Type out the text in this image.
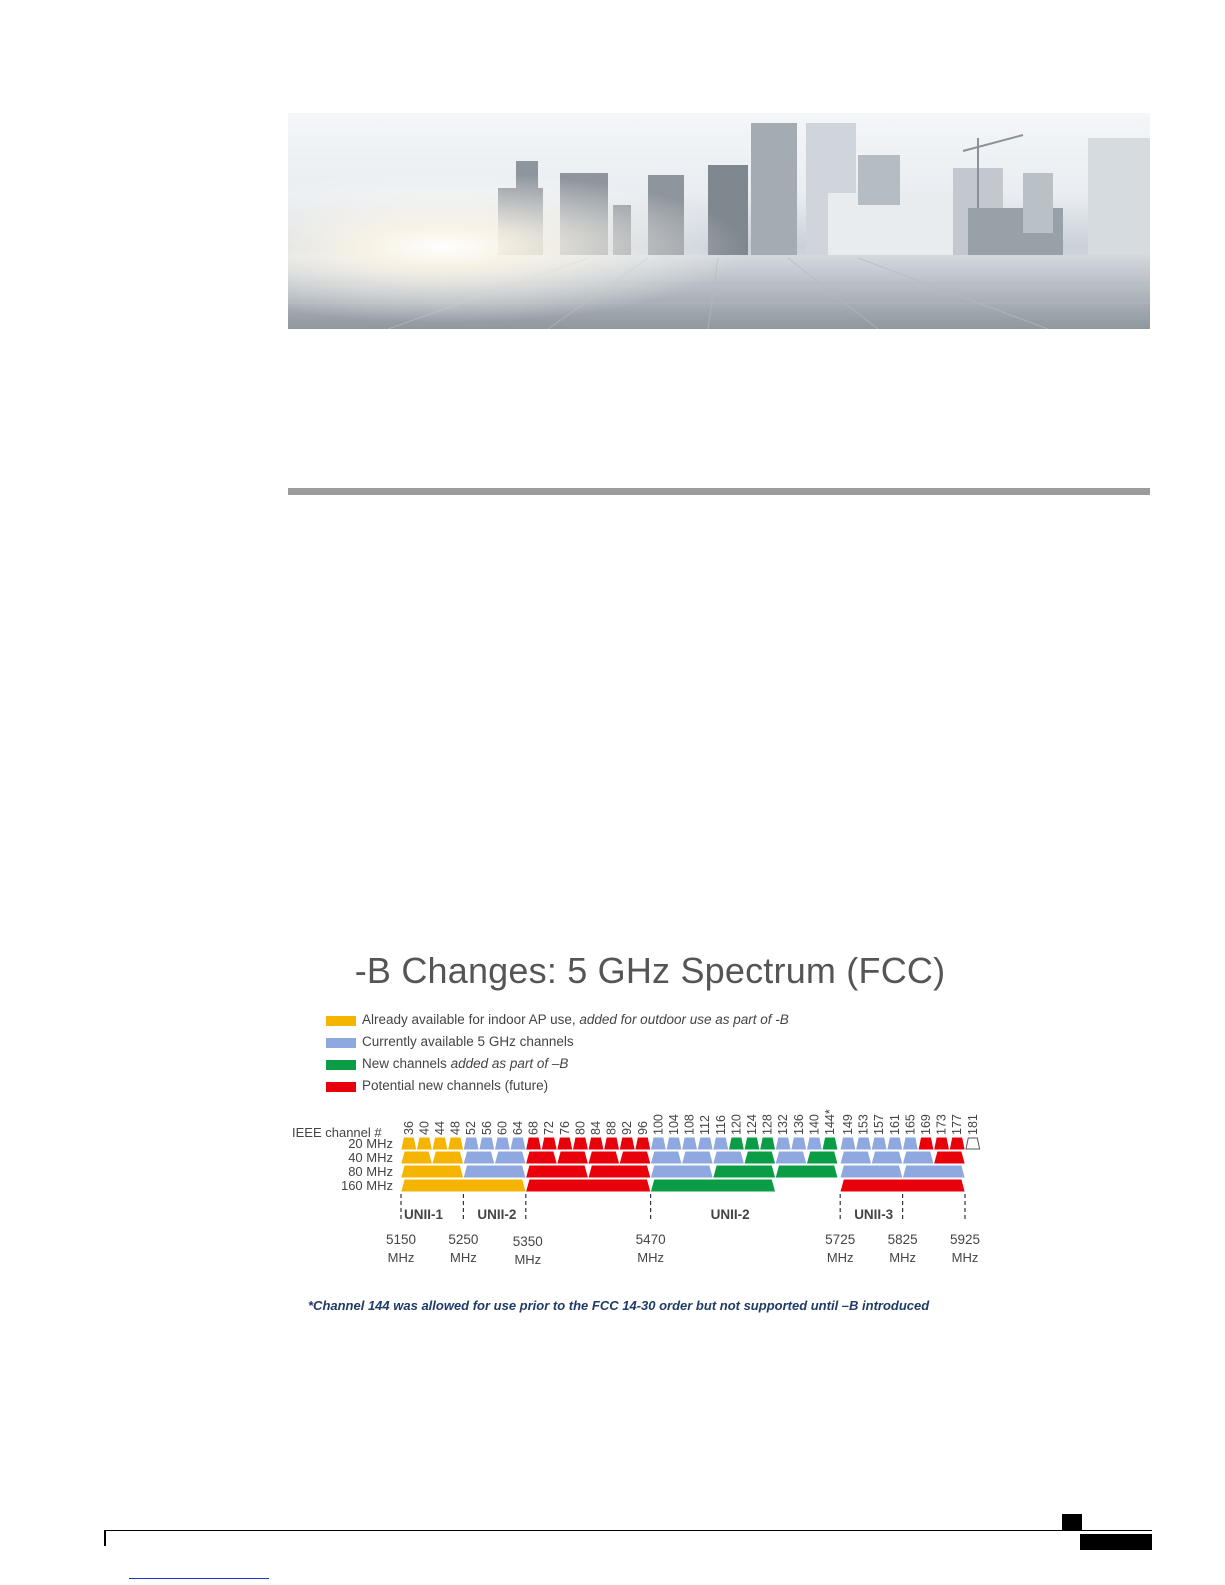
-B Changes: 5 GHz Spectrum (FCC)
Already available for indoor AP use, added for outdoor use as part of -B
Currently available 5 GHz channels
New channels added as part of –B
Potential new channels (future)
36 40 44 48 52 56 60 64 68 72 76 80 84 88 92 96 100 104 108 112 116 120 124 128 132 136 140 144* 149 153 157 161 165 169 173 177 181
IEEE channel #
20 MHz
40 MHz
80 MHz
160 MHz
UNII-1	UNII-2	UNII-2	UNII-3
5150
MHz
5250
MHz
5350
MHz
5470
MHz
5725
MHz
5825
MHz
5925
MHz
*Channel 144 was allowed for use prior to the FCC 14-30 order but not supported until –B introduced
